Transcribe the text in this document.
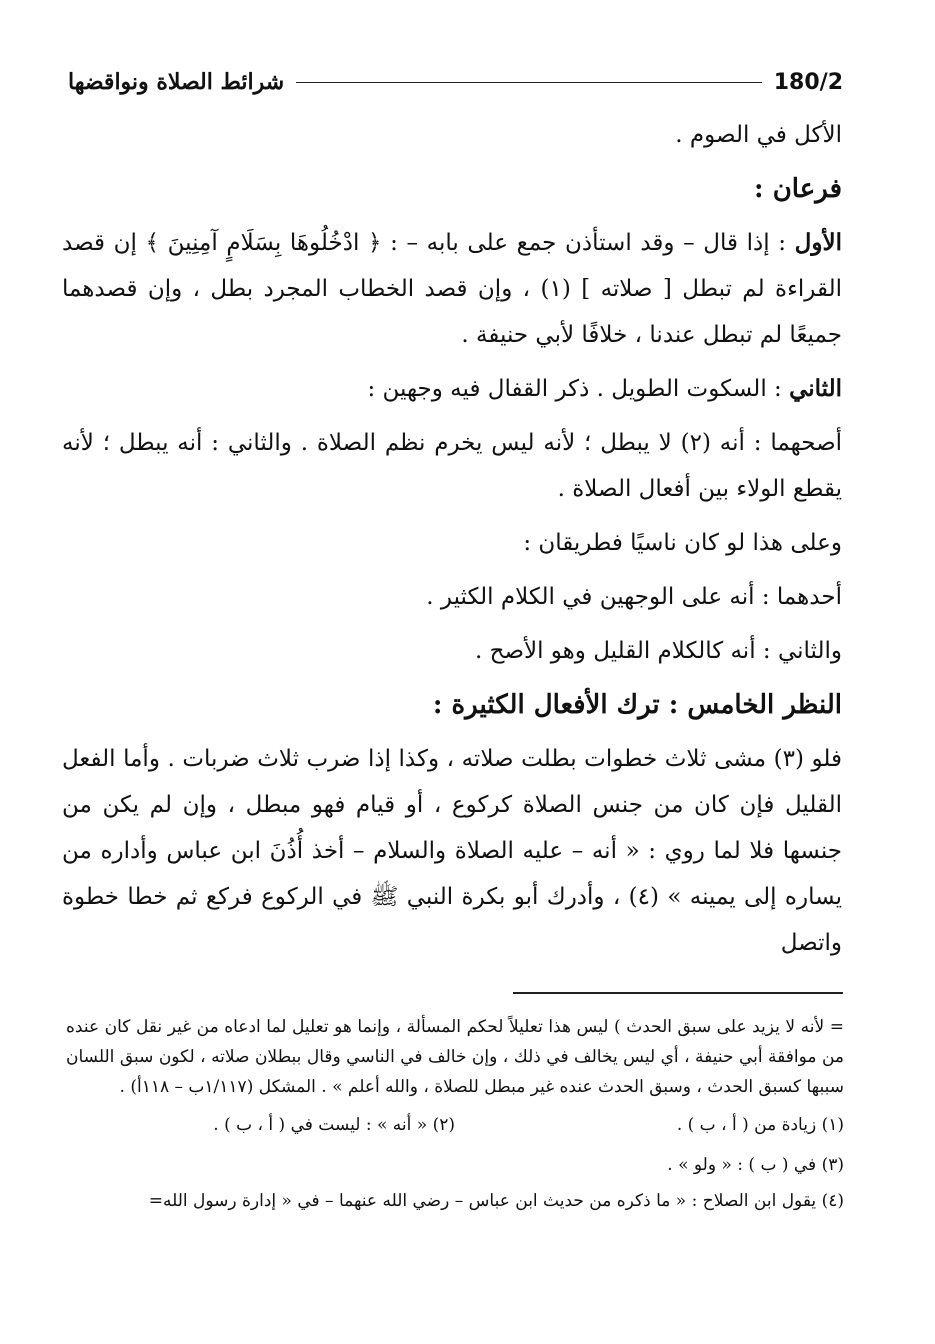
شرائط الصلاة ونواقضها	180/2

الأكل في الصوم .

فرعان :

الأول : إذا قال – وقد استأذن جمع على بابه – : ﴿ ادْخُلُوهَا بِسَلَامٍ آمِنِينَ ﴾ إن قصد القراءة لم تبطل [ صلاته ] (١) ، وإن قصد الخطاب المجرد بطل ، وإن قصدهما جميعًا لم تبطل عندنا ، خلافًا لأبي حنيفة .

الثاني : السكوت الطويل . ذكر القفال فيه وجهين :

أصحهما : أنه (٢) لا يبطل ؛ لأنه ليس يخرم نظم الصلاة . والثاني : أنه يبطل ؛ لأنه يقطع الولاء بين أفعال الصلاة .

وعلى هذا لو كان ناسيًا فطريقان :

أحدهما : أنه على الوجهين في الكلام الكثير .

والثاني : أنه كالكلام القليل وهو الأصح .

النظر الخامس : ترك الأفعال الكثيرة :

فلو (٣) مشى ثلاث خطوات بطلت صلاته ، وكذا إذا ضرب ثلاث ضربات . وأما الفعل القليل فإن كان من جنس الصلاة كركوع ، أو قيام فهو مبطل ، وإن لم يكن من جنسها فلا لما روي : « أنه – عليه الصلاة والسلام – أخذ أُذُنَ ابن عباس وأداره من يساره إلى يمينه » (٤) ، وأدرك أبو بكرة النبي ﷺ في الركوع فركع ثم خطا خطوة واتصل

= لأنه لا يزيد على سبق الحدث ) ليس هذا تعليلاً لحكم المسألة ، وإنما هو تعليل لما ادعاه من غير نقل كان عنده من موافقة أبي حنيفة ، أي ليس يخالف في ذلك ، وإن خالف في الناسي وقال ببطلان صلاته ، لكون سبق اللسان سببها كسبق الحدث ، وسبق الحدث عنده غير مبطل للصلاة ، والله أعلم » . المشكل (١/١١٧ب – ١١٨أ) .

(١) زيادة من ( أ ، ب ) .
(٢) « أنه » : ليست في ( أ ، ب ) .

(٣) في ( ب ) : « ولو » .

(٤) يقول ابن الصلاح : « ما ذكره من حديث ابن عباس – رضي الله عنهما – في « إدارة رسول الله=
